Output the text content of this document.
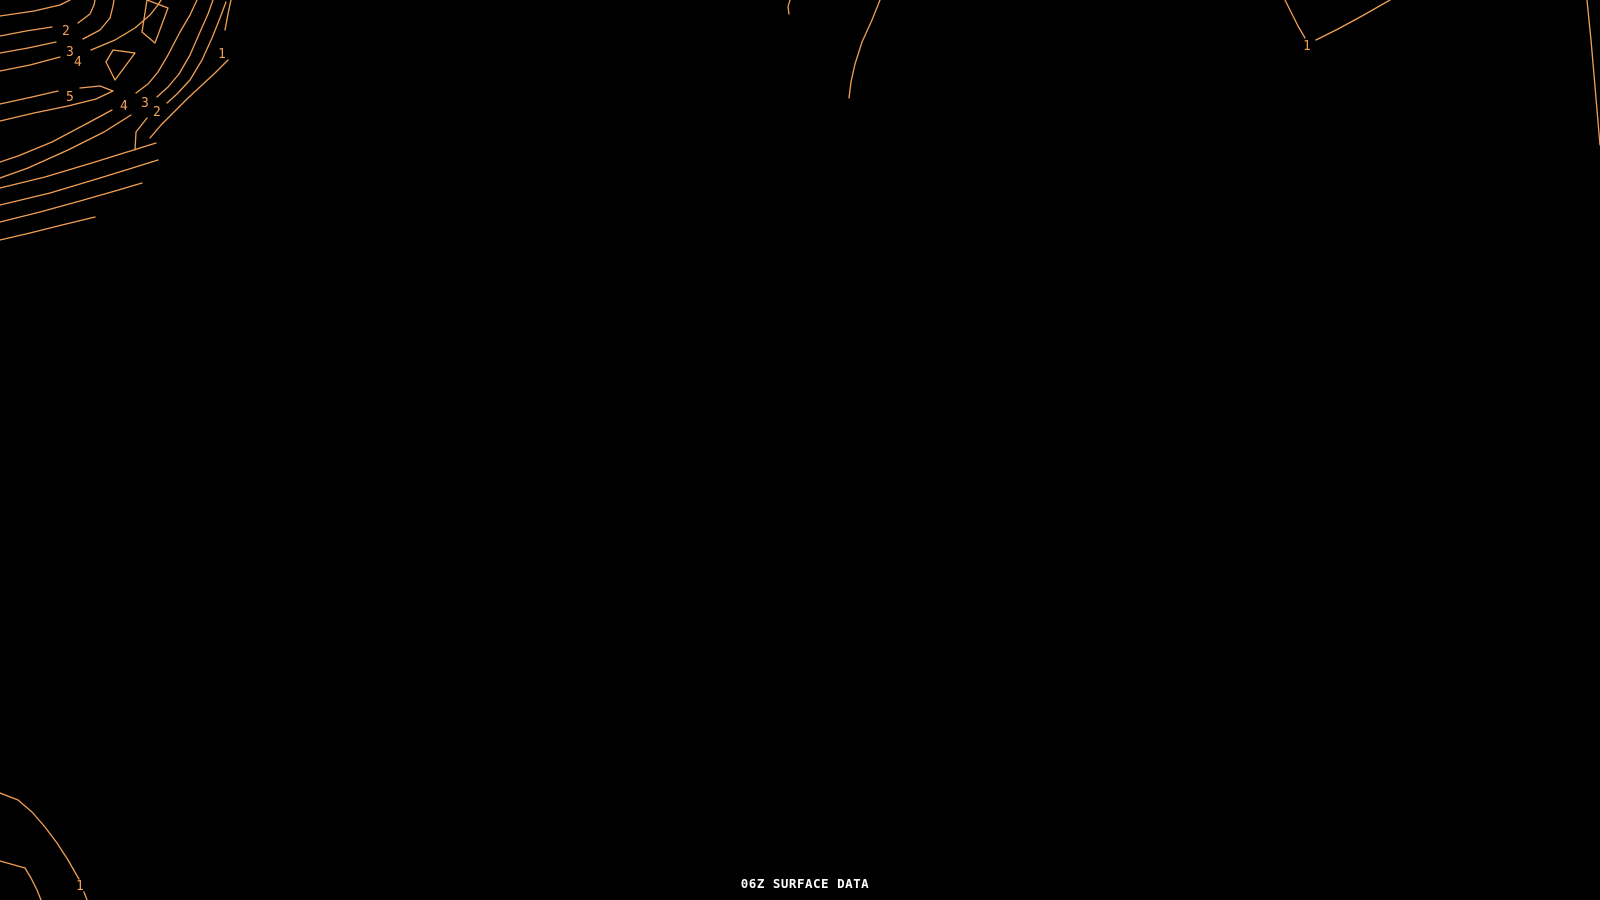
2
3
4
5
1
4 3
2
1
1	06Z SURFACE DATA
